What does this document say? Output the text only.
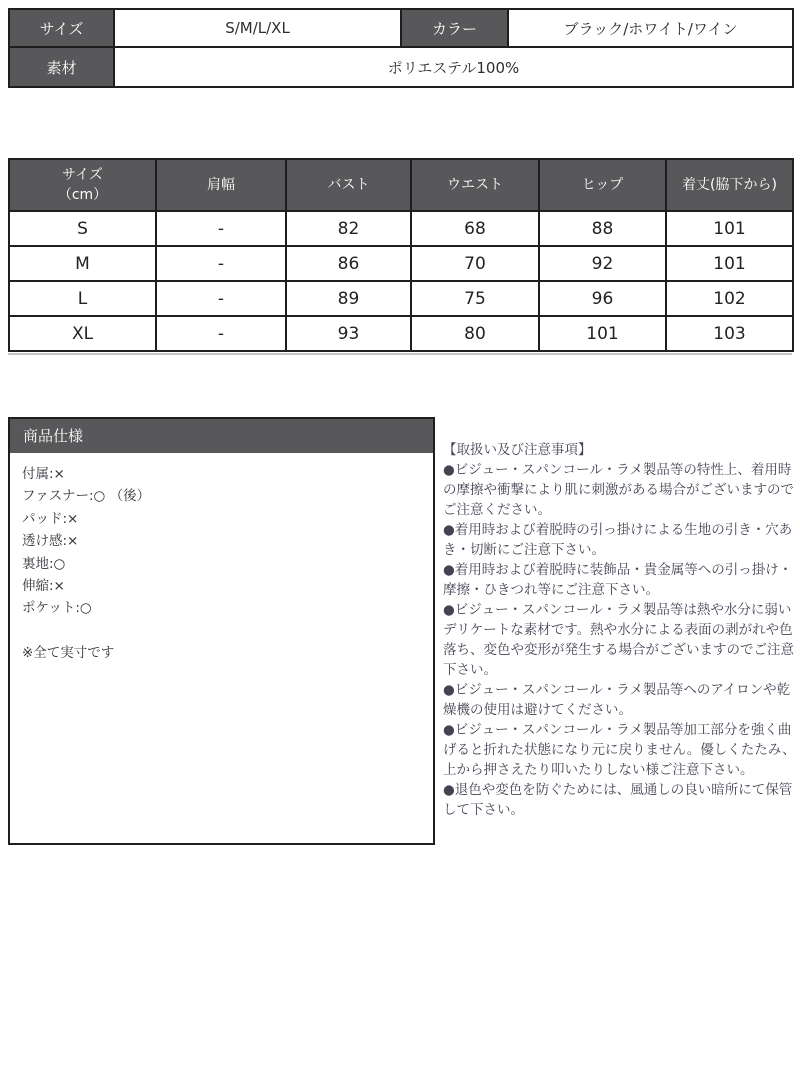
サイズ	S/M/L/XL	カラー	ブラック/ホワイト/ワイン
素材	ポリエステル100%		
サイズ
（cm）	肩幅	バスト	ウエスト	ヒップ	着丈(脇下から)
S	-	82	68	88	101
M	-	86	70	92	101
L	-	89	75	96	102
XL	-	93	80	101	103
商品仕様
付属:×
ファスナー:○ （後）
パッド:×
透け感:×
裏地:○
伸縮:×
ポケット:○
※全て実寸です

【取扱い及び注意事項】

●ビジュー・スパンコール・ラメ製品等の特性上、着用時の摩擦や衝撃により肌に刺激がある場合がございますのでご注意ください。

●着用時および着脱時の引っ掛けによる生地の引き・穴あき・切断にご注意下さい。

●着用時および着脱時に装飾品・貴金属等への引っ掛け・摩擦・ひきつれ等にご注意下さい。

●ビジュー・スパンコール・ラメ製品等は熱や水分に弱いデリケートな素材です。熱や水分による表面の剥がれや色落ち、変色や変形が発生する場合がございますのでご注意下さい。

●ビジュー・スパンコール・ラメ製品等へのアイロンや乾燥機の使用は避けてください。

●ビジュー・スパンコール・ラメ製品等加工部分を強く曲げると折れた状態になり元に戻りません。優しくたたみ、上から押さえたり叩いたりしない様ご注意下さい。

●退色や変色を防ぐためには、風通しの良い暗所にて保管して下さい。
